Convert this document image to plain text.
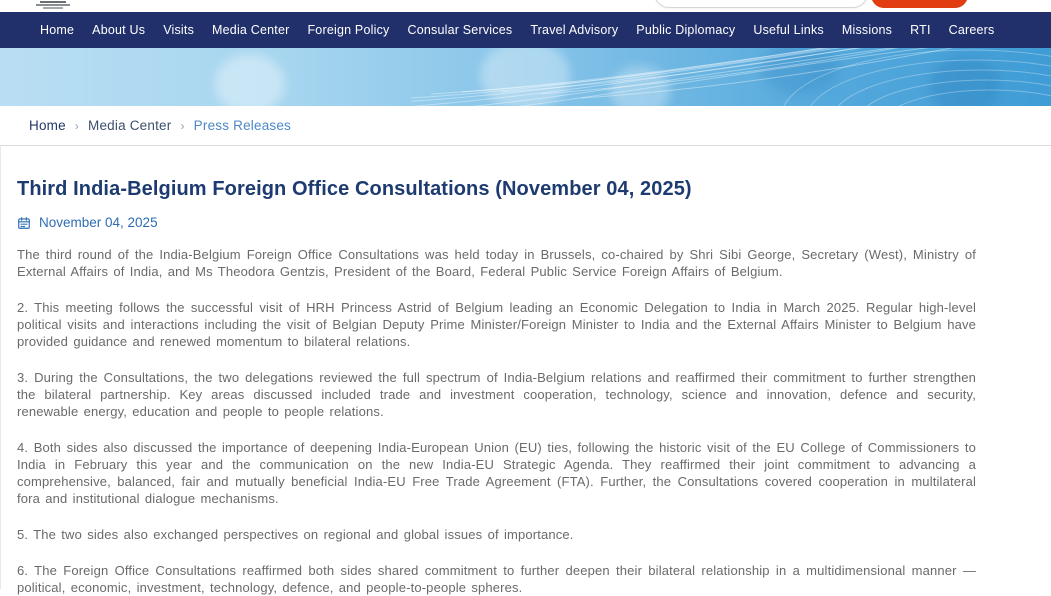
Home	About Us	Visits	Media Center	Foreign Policy	Consular Services	Travel Advisory	Public Diplomacy	Useful Links	Missions	RTI	Careers
Home › Media Center › Press Releases
Third India-Belgium Foreign Office Consultations (November 04, 2025)
November 04, 2025

The third round of the India-Belgium Foreign Office Consultations was held today in Brussels, co-chaired by Shri Sibi George, Secretary (West), Ministry of External Affairs of India, and Ms Theodora Gentzis, President of the Board, Federal Public Service Foreign Affairs of Belgium.

2. This meeting follows the successful visit of HRH Princess Astrid of Belgium leading an Economic Delegation to India in March 2025. Regular high-level political visits and interactions including the visit of Belgian Deputy Prime Minister/Foreign Minister to India and the External Affairs Minister to Belgium have provided guidance and renewed momentum to bilateral relations.

3. During the Consultations, the two delegations reviewed the full spectrum of India-Belgium relations and reaffirmed their commitment to further strengthen the bilateral partnership. Key areas discussed included trade and investment cooperation, technology, science and innovation, defence and security, renewable energy, education and people to people relations.

4. Both sides also discussed the importance of deepening India-European Union (EU) ties, following the historic visit of the EU College of Commissioners to India in February this year and the communication on the new India-EU Strategic Agenda. They reaffirmed their joint commitment to advancing a comprehensive, balanced, fair and mutually beneficial India-EU Free Trade Agreement (FTA). Further, the Consultations covered cooperation in multilateral fora and institutional dialogue mechanisms.

5. The two sides also exchanged perspectives on regional and global issues of importance.

6. The Foreign Office Consultations reaffirmed both sides shared commitment to further deepen their bilateral relationship in a multidimensional manner — political, economic, investment, technology, defence, and people-to-people spheres.
